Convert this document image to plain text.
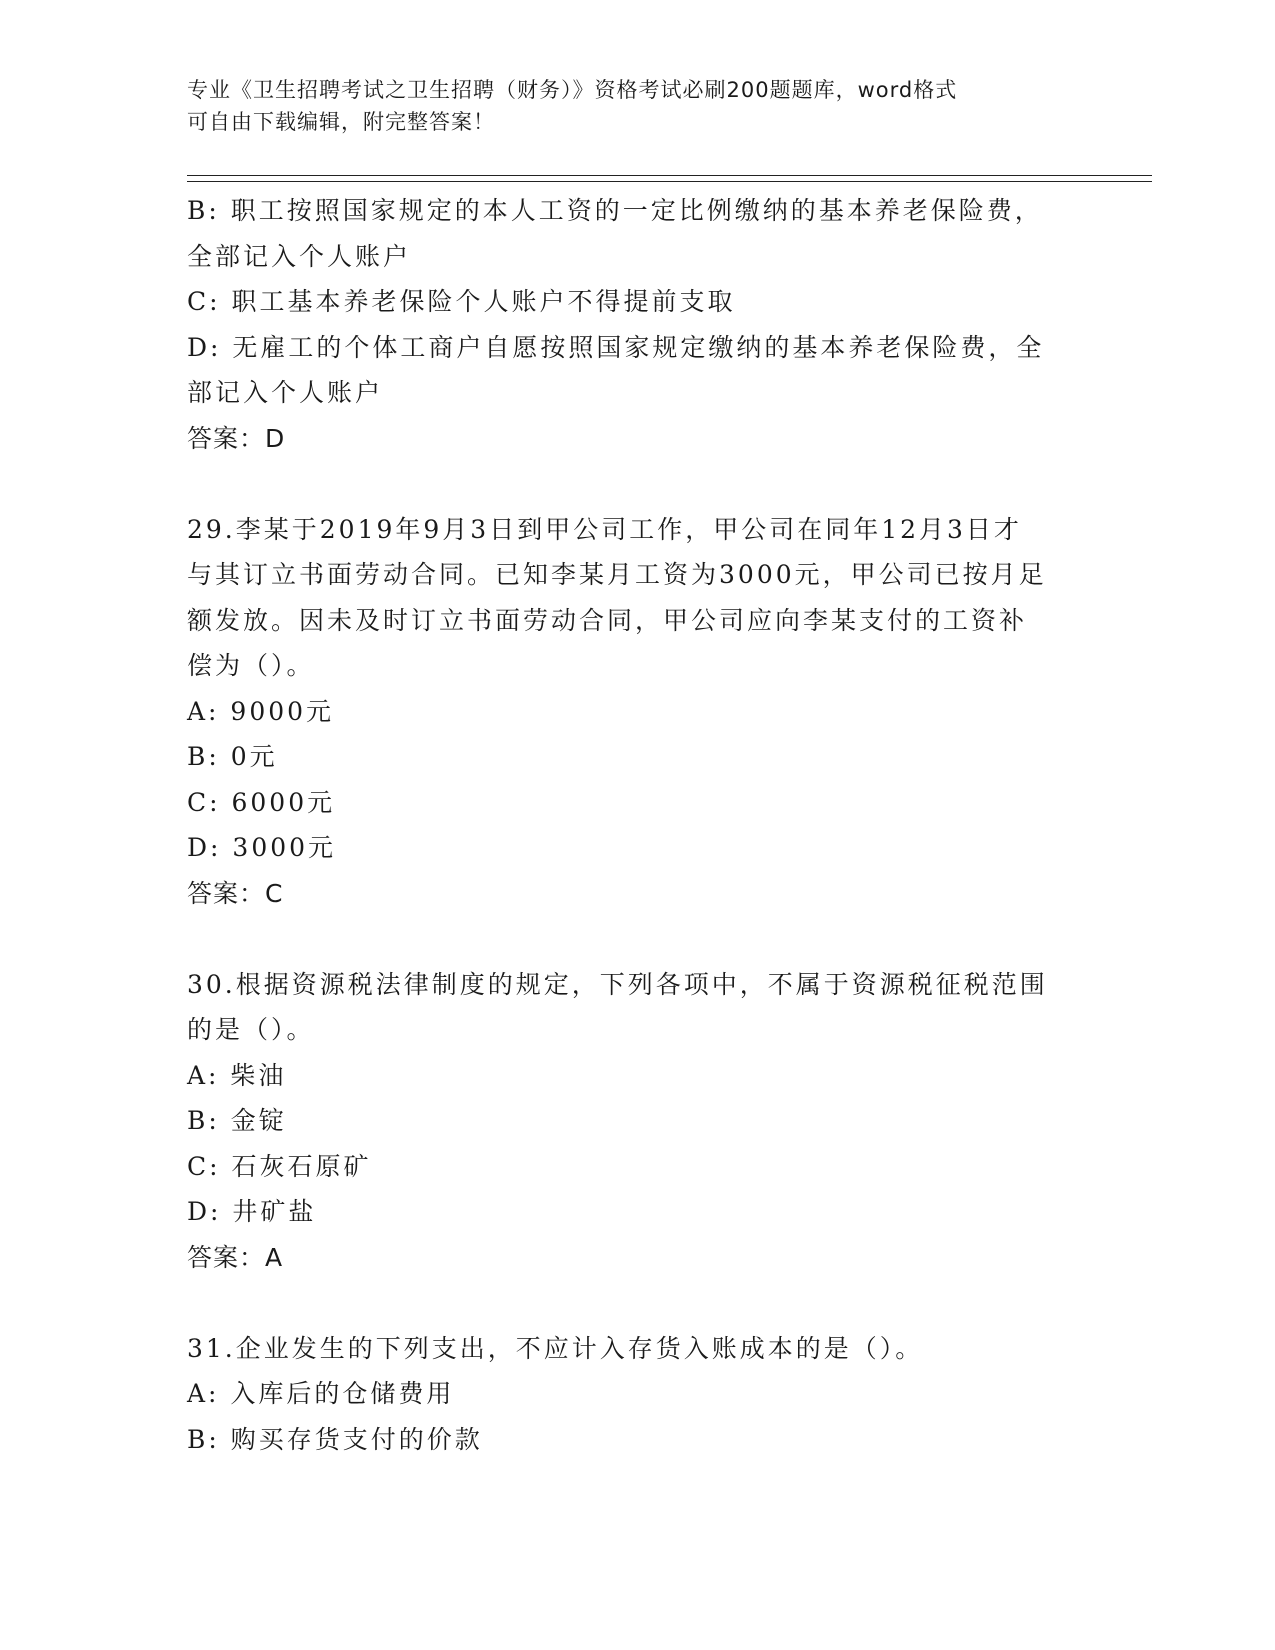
专业《卫生招聘考试之卫生招聘（财务）》资格考试必刷200题题库，word格式
可自由下载编辑，附完整答案！
B: 职工按照国家规定的本人工资的一定比例缴纳的基本养老保险费，
全部记入个人账户
C: 职工基本养老保险个人账户不得提前支取
D: 无雇工的个体工商户自愿按照国家规定缴纳的基本养老保险费，全
部记入个人账户
答案：D
29.李某于2019年9月3日到甲公司工作，甲公司在同年12月3日才
与其订立书面劳动合同。已知李某月工资为3000元，甲公司已按月足
额发放。因未及时订立书面劳动合同，甲公司应向李某支付的工资补
偿为（）。
A: 9000元
B: 0元
C: 6000元
D: 3000元
答案：C
30.根据资源税法律制度的规定，下列各项中，不属于资源税征税范围
的是（）。
A: 柴油
B: 金锭
C: 石灰石原矿
D: 井矿盐
答案：A
31.企业发生的下列支出，不应计入存货入账成本的是（）。
A: 入库后的仓储费用
B: 购买存货支付的价款
